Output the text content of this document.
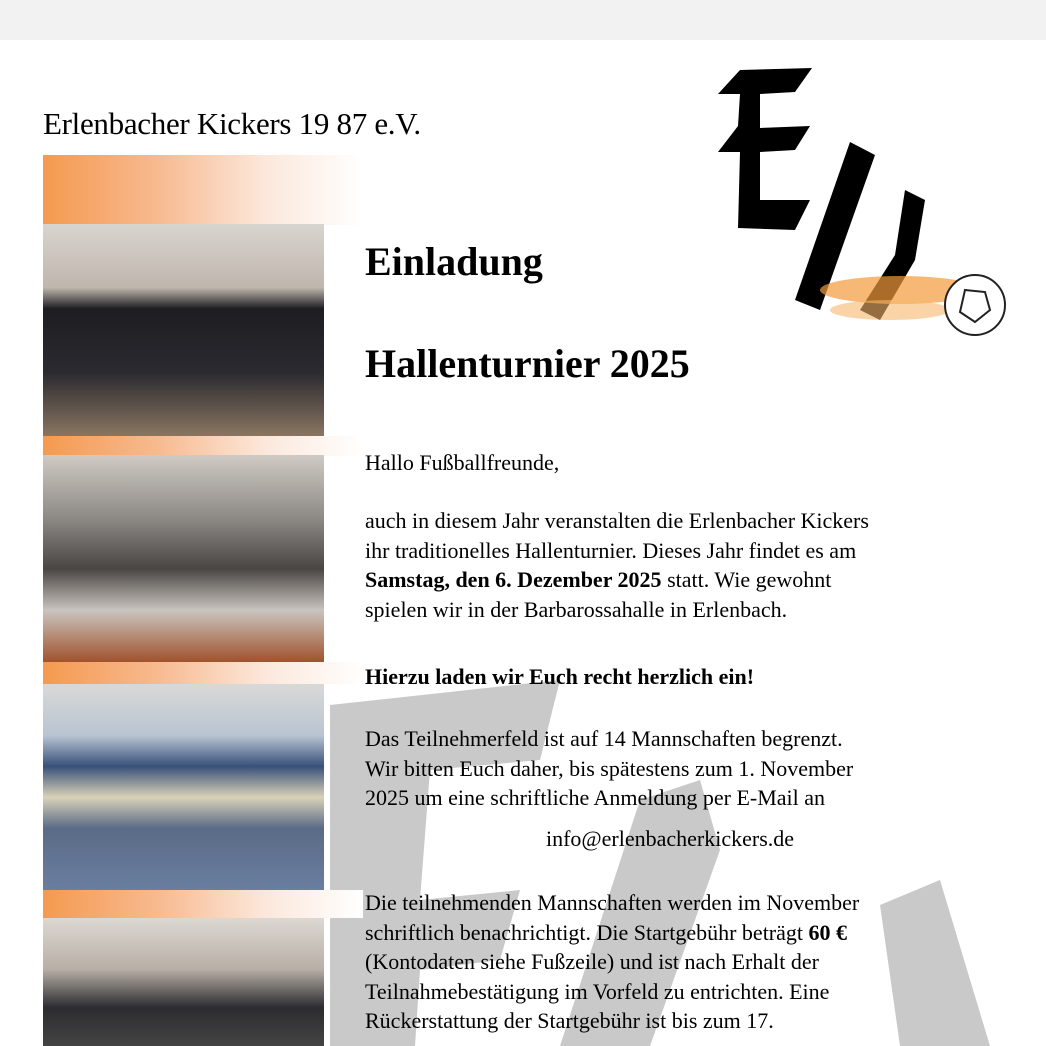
Erlenbacher Kickers 19 87 e.V.
Einladung
Hallenturnier 2025
Hallo Fußballfreunde,
auch in diesem Jahr veranstalten die Erlenbacher Kickers
ihr traditionelles Hallenturnier. Dieses Jahr findet es am
Samstag, den 6. Dezember 2025 statt. Wie gewohnt
spielen wir in der Barbarossahalle in Erlenbach.
Hierzu laden wir Euch recht herzlich ein!
Das Teilnehmerfeld ist auf 14 Mannschaften begrenzt.
Wir bitten Euch daher, bis spätestens zum 1. November
2025 um eine schriftliche Anmeldung per E-Mail an
info@erlenbacherkickers.de
Die teilnehmenden Mannschaften werden im November
schriftlich benachrichtigt. Die Startgebühr beträgt 60 €
(Kontodaten siehe Fußzeile) und ist nach Erhalt der
Teilnahmebestätigung im Vorfeld zu entrichten. Eine
Rückerstattung der Startgebühr ist bis zum 17.
